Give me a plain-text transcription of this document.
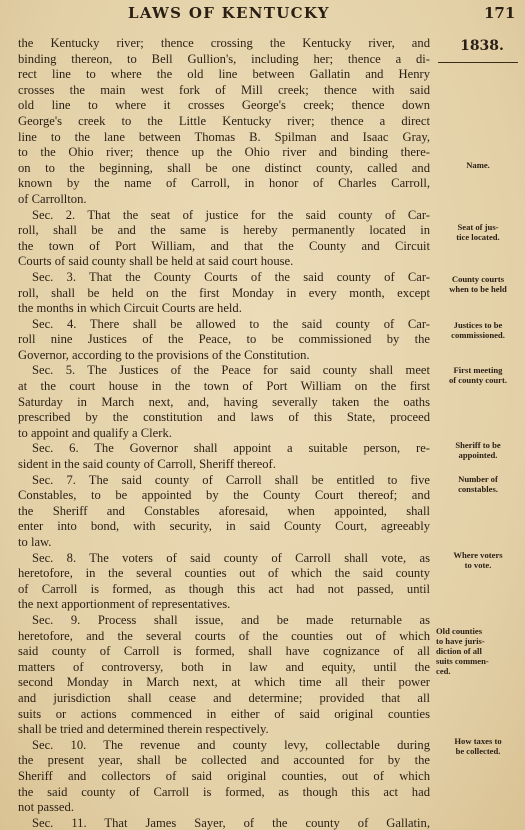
LAWS OF KENTUCKY	171
1838.
Name.
Seat of jus-
tice located.
County courts
when to be held
Justices to be
commissioned.
First meeting
of county court.
Sheriff to be
appointed.
Number of
constables.
Where voters
to vote.
Old counties
to have juris-
diction of all
suits commen-
ced.
How taxes to
be collected.
the Kentucky river; thence crossing the Kentucky river, and
binding thereon, to Bell Gullion's, including her; thence a di-
rect line to where the old line between Gallatin and Henry
crosses the main west fork of Mill creek; thence with said
old line to where it crosses George's creek; thence down
George's creek to the Little Kentucky river; thence a direct
line to the lane between Thomas B. Spilman and Isaac Gray,
to the Ohio river; thence up the Ohio river and binding there-
on to the beginning, shall be one distinct county, called and
known by the name of Carroll, in honor of Charles Carroll,
of Carrollton.
Sec. 2. That the seat of justice for the said county of Car-
roll, shall be and the same is hereby permanently located in
the town of Port William, and that the County and Circuit
Courts of said county shall be held at said court house.
Sec. 3. That the County Courts of the said county of Car-
roll, shall be held on the first Monday in every month, except
the months in which Circuit Courts are held.
Sec. 4. There shall be allowed to the said county of Car-
roll nine Justices of the Peace, to be commissioned by the
Governor, according to the provisions of the Constitution.
Sec. 5. The Justices of the Peace for said county shall meet
at the court house in the town of Port William on the first
Saturday in March next, and, having severally taken the oaths
prescribed by the constitution and laws of this State, proceed
to appoint and qualify a Clerk.
Sec. 6. The Governor shall appoint a suitable person, re-
sident in the said county of Carroll, Sheriff thereof.
Sec. 7. The said county of Carroll shall be entitled to five
Constables, to be appointed by the County Court thereof; and
the Sheriff and Constables aforesaid, when appointed, shall
enter into bond, with security, in said County Court, agreeably
to law.
Sec. 8. The voters of said county of Carroll shall vote, as
heretofore, in the several counties out of which the said county
of Carroll is formed, as though this act had not passed, until
the next apportionment of representatives.
Sec. 9. Process shall issue, and be made returnable as
heretofore, and the several courts of the counties out of which
said county of Carroll is formed, shall have cognizance of all
matters of controversy, both in law and equity, until the
second Monday in March next, at which time all their power
and jurisdiction shall cease and determine; provided that all
suits or actions commenced in either of said original counties
shall be tried and determined therein respectively.
Sec. 10. The revenue and county levy, collectable during
the present year, shall be collected and accounted for by the
Sheriff and collectors of said original counties, out of which
the said county of Carroll is formed, as though this act had
not passed.
Sec. 11. That James Sayer, of the county of Gallatin,
